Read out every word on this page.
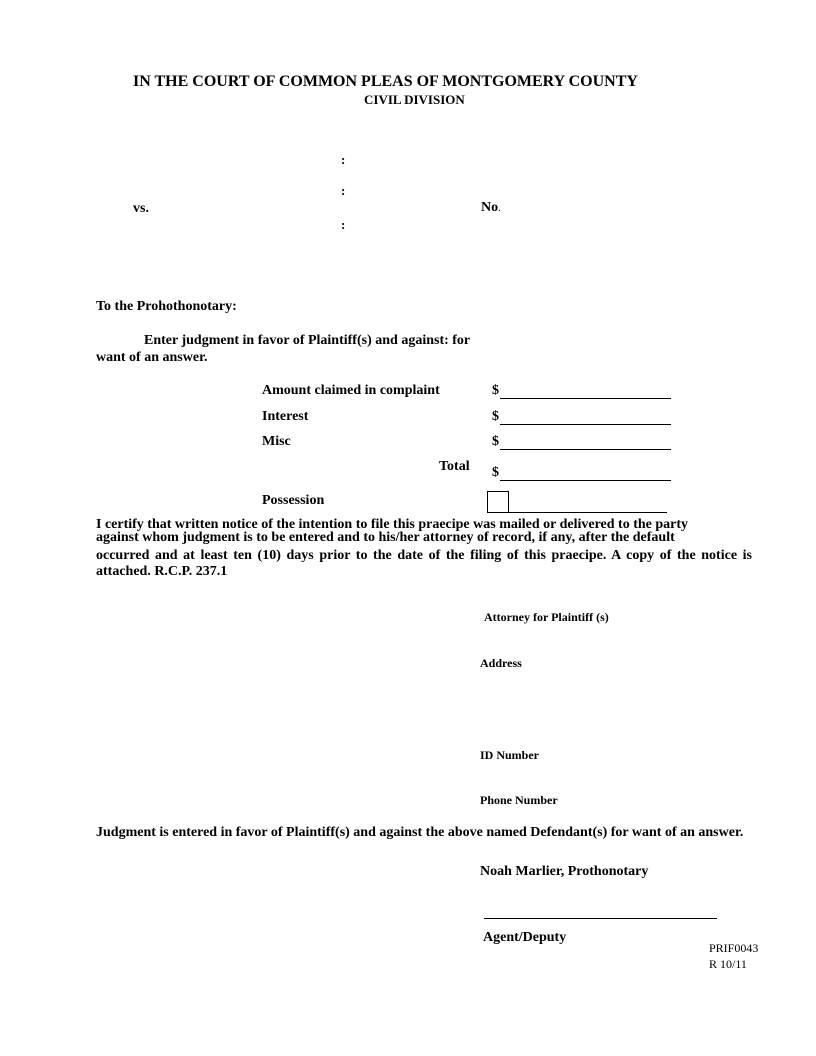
IN THE COURT OF COMMON PLEAS OF MONTGOMERY COUNTY
CIVIL DIVISION
:
:
vs.
:
No.
To the Prohothonotary:
Enter judgment in favor of Plaintiff(s) and against: for
want of an answer.
Amount claimed in complaint	$
Interest	$
Misc	$
Total $
Possession
I certify that written notice of the intention to file this praecipe was mailed or delivered to the party
against whom judgment is to be entered and to his/her attorney of record, if any, after the default
occurred and at least ten (10) days prior to the date of the filing of this praecipe. A copy of the notice is attached. R.C.P. 237.1
Attorney for Plaintiff (s)
Address
ID Number
Phone Number
Judgment is entered in favor of Plaintiff(s) and against the above named Defendant(s) for want of an answer.
Noah Marlier, Prothonotary
Agent/Deputy
PRIF0043
R 10/11
